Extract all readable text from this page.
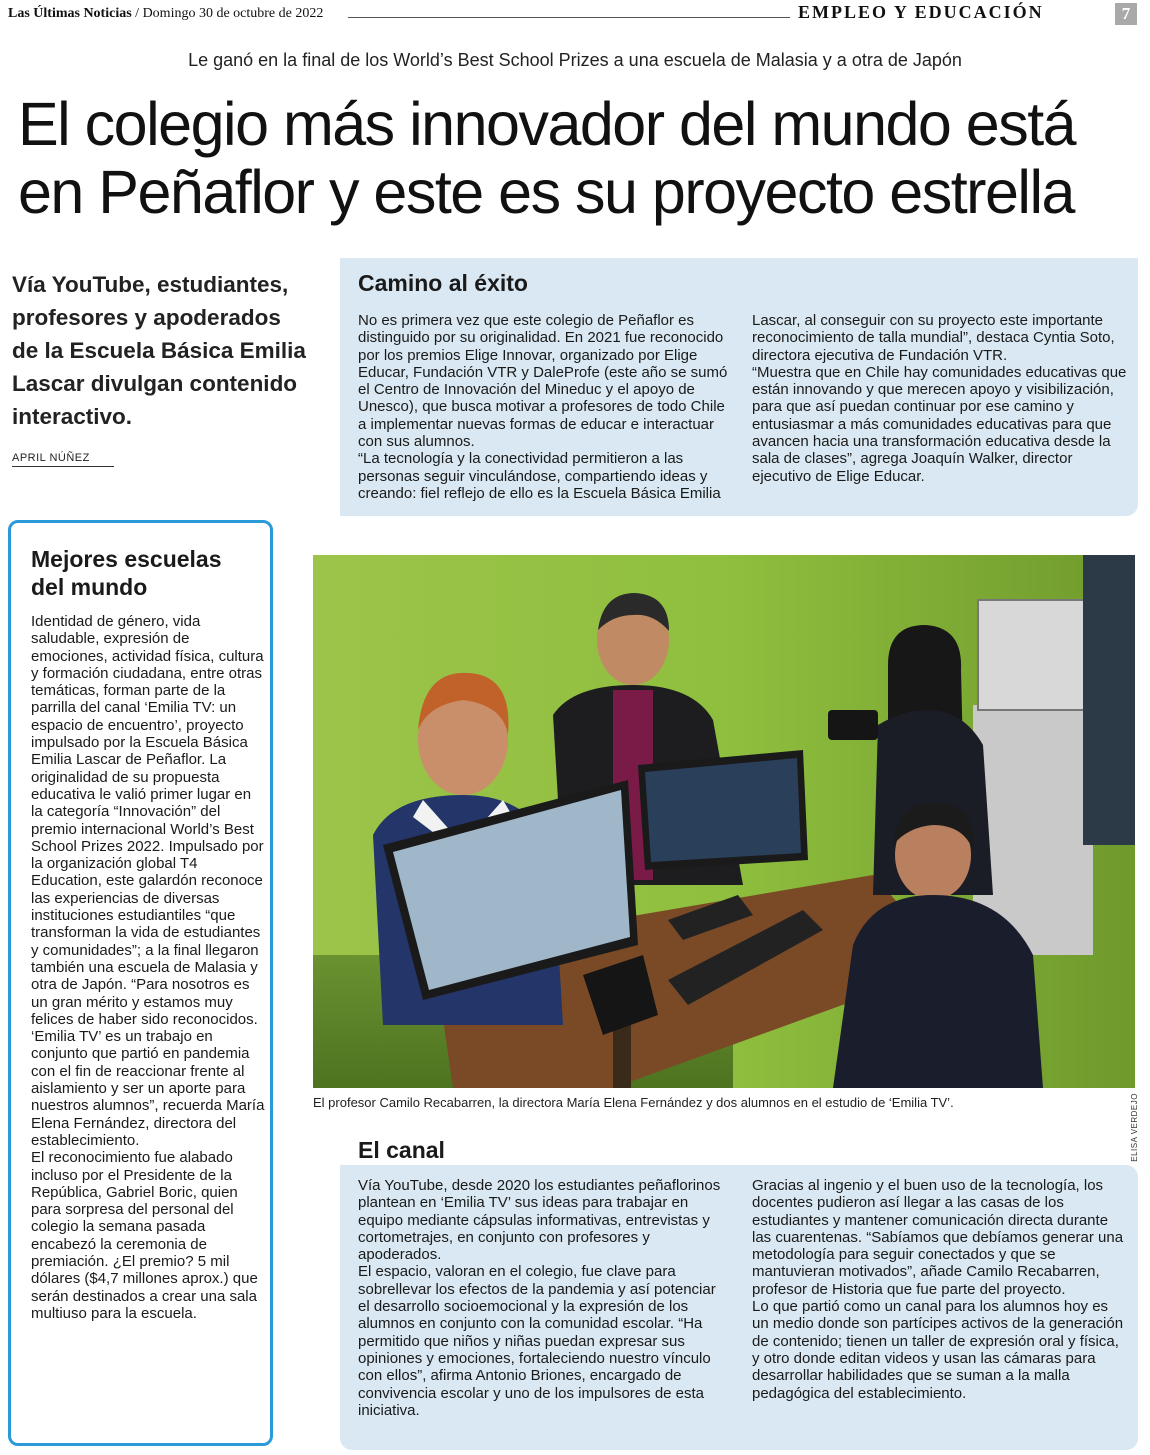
Las Últimas Noticias / Domingo 30 de octubre de 2022	EMPLEO Y EDUCACIÓN	7
Le ganó en la final de los World’s Best School Prizes a una escuela de Malasia y a otra de Japón
El colegio más innovador del mundo está
en Peñaflor y este es su proyecto estrella
Vía YouTube, estudiantes, profesores y apoderados de la Escuela Básica Emilia Lascar divulgan contenido interactivo.
APRIL NÚÑEZ
Camino al éxito

No es primera vez que este colegio de Peñaflor es distinguido por su originalidad. En 2021 fue reconocido por los premios Elige Innovar, organizado por Elige Educar, Fundación VTR y DaleProfe (este año se sumó el Centro de Innovación del Mineduc y el apoyo de Unesco), que busca motivar a profesores de todo Chile a implementar nuevas formas de educar e interactuar con sus alumnos.

“La tecnología y la conectividad permitieron a las personas seguir vinculándose, compartiendo ideas y creando: fiel reflejo de ello es la Escuela Básica Emilia

Lascar, al conseguir con su proyecto este importante reconocimiento de talla mundial”, destaca Cyntia Soto, directora ejecutiva de Fundación VTR.

“Muestra que en Chile hay comunidades educativas que están innovando y que merecen apoyo y visibilización, para que así puedan continuar por ese camino y entusiasmar a más comunidades educativas para que avancen hacia una transformación educativa desde la sala de clases”, agrega Joaquín Walker, director ejecutivo de Elige Educar.

Mejores escuelas del mundo

Identidad de género, vida saludable, expresión de emociones, actividad física, cultura y formación ciudadana, entre otras temáticas, forman parte de la parrilla del canal ‘Emilia TV: un espacio de encuentro’, proyecto impulsado por la Escuela Básica Emilia Lascar de Peñaflor. La originalidad de su propuesta educativa le valió primer lugar en la categoría “Innovación” del premio internacional World’s Best School Prizes 2022. Impulsado por la organización global T4 Education, este galardón reconoce las experiencias de diversas instituciones estudiantiles “que transforman la vida de estudiantes y comunidades”; a la final llegaron también una escuela de Malasia y otra de Japón. “Para nosotros es un gran mérito y estamos muy felices de haber sido reconocidos. ‘Emilia TV’ es un trabajo en conjunto que partió en pandemia con el fin de reaccionar frente al aislamiento y ser un aporte para nuestros alumnos”, recuerda María Elena Fernández, directora del establecimiento.

El reconocimiento fue alabado incluso por el Presidente de la República, Gabriel Boric, quien para sorpresa del personal del colegio la semana pasada encabezó la ceremonia de premiación. ¿El premio? 5 mil dólares ($4,7 millones aprox.) que serán destinados a crear una sala multiuso para la escuela.

ELISA VERDEJO
El profesor Camilo Recabarren, la directora María Elena Fernández y dos alumnos en el estudio de ‘Emilia TV’.
El canal

Vía YouTube, desde 2020 los estudiantes peñaflorinos plantean en ‘Emilia TV’ sus ideas para trabajar en equipo mediante cápsulas informativas, entrevistas y cortometrajes, en conjunto con profesores y apoderados.

El espacio, valoran en el colegio, fue clave para sobrellevar los efectos de la pandemia y así potenciar el desarrollo socioemocional y la expresión de los alumnos en conjunto con la comunidad escolar. “Ha permitido que niños y niñas puedan expresar sus opiniones y emociones, fortaleciendo nuestro vínculo con ellos”, afirma Antonio Briones, encargado de convivencia escolar y uno de los impulsores de esta iniciativa.

Gracias al ingenio y el buen uso de la tecnología, los docentes pudieron así llegar a las casas de los estudiantes y mantener comunicación directa durante las cuarentenas. “Sabíamos que debíamos generar una metodología para seguir conectados y que se mantuvieran motivados”, añade Camilo Recabarren, profesor de Historia que fue parte del proyecto.

Lo que partió como un canal para los alumnos hoy es un medio donde son partícipes activos de la generación de contenido; tienen un taller de expresión oral y física, y otro donde editan videos y usan las cámaras para desarrollar habilidades que se suman a la malla pedagógica del establecimiento.
